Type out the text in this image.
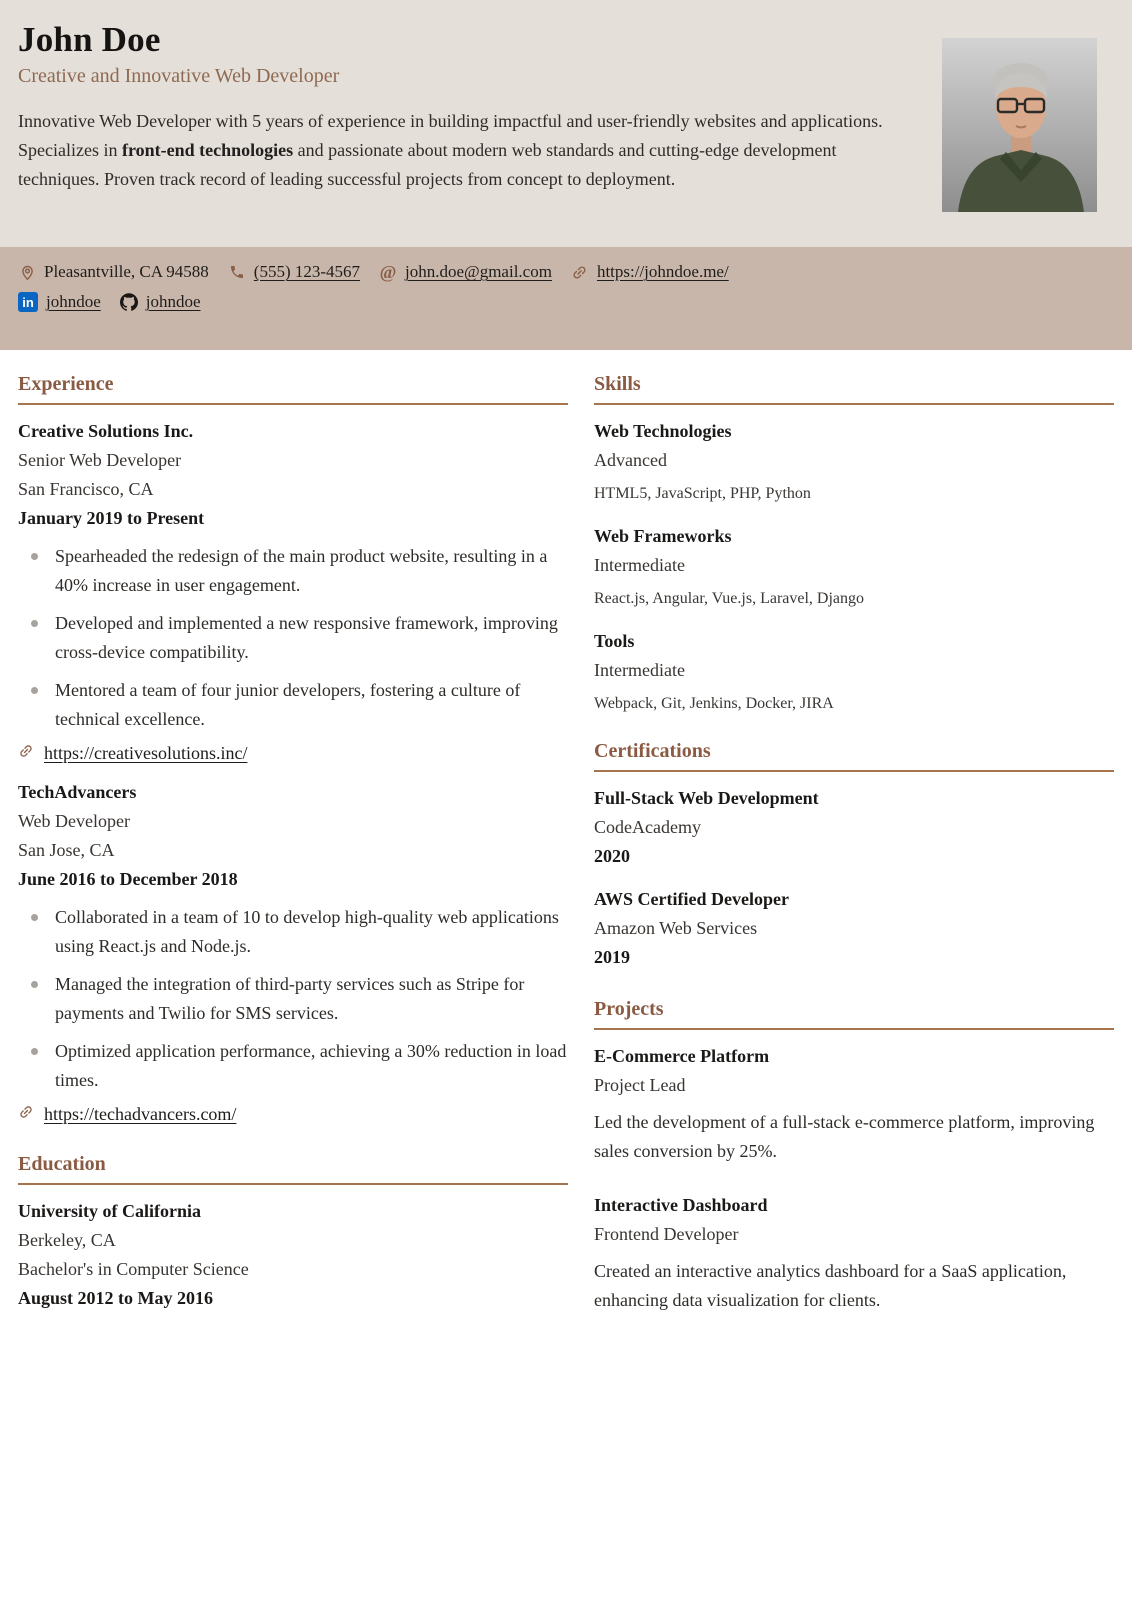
John Doe
Creative and Innovative Web Developer

Innovative Web Developer with 5 years of experience in building impactful and user-friendly websites and applications. Specializes in front-end technologies and passionate about modern web standards and cutting-edge development techniques. Proven track record of leading successful projects from concept to deployment.

Pleasantville, CA 94588	(555) 123-4567 @ john.doe@gmail.com	https://johndoe.me/
in johndoe	johndoe
Experience
Creative Solutions Inc.
Senior Web Developer
San Francisco, CA
January 2019 to Present
Spearheaded the redesign of the main product website, resulting in a 40% increase in user engagement.
Developed and implemented a new responsive framework, improving cross-device compatibility.
Mentored a team of four junior developers, fostering a culture of technical excellence.
https://creativesolutions.inc/
TechAdvancers
Web Developer
San Jose, CA
June 2016 to December 2018
Collaborated in a team of 10 to develop high-quality web applications using React.js and Node.js.
Managed the integration of third-party services such as Stripe for payments and Twilio for SMS services.
Optimized application performance, achieving a 30% reduction in load times.
https://techadvancers.com/
Education
University of California
Berkeley, CA
Bachelor's in Computer Science
August 2012 to May 2016
Skills
Web Technologies
Advanced
HTML5, JavaScript, PHP, Python
Web Frameworks
Intermediate
React.js, Angular, Vue.js, Laravel, Django
Tools
Intermediate
Webpack, Git, Jenkins, Docker, JIRA
Certifications
Full-Stack Web Development
CodeAcademy
2020
AWS Certified Developer
Amazon Web Services
2019
Projects
E-Commerce Platform
Project Lead
Led the development of a full-stack e-commerce platform, improving sales conversion by 25%.
Interactive Dashboard
Frontend Developer
Created an interactive analytics dashboard for a SaaS application, enhancing data visualization for clients.
